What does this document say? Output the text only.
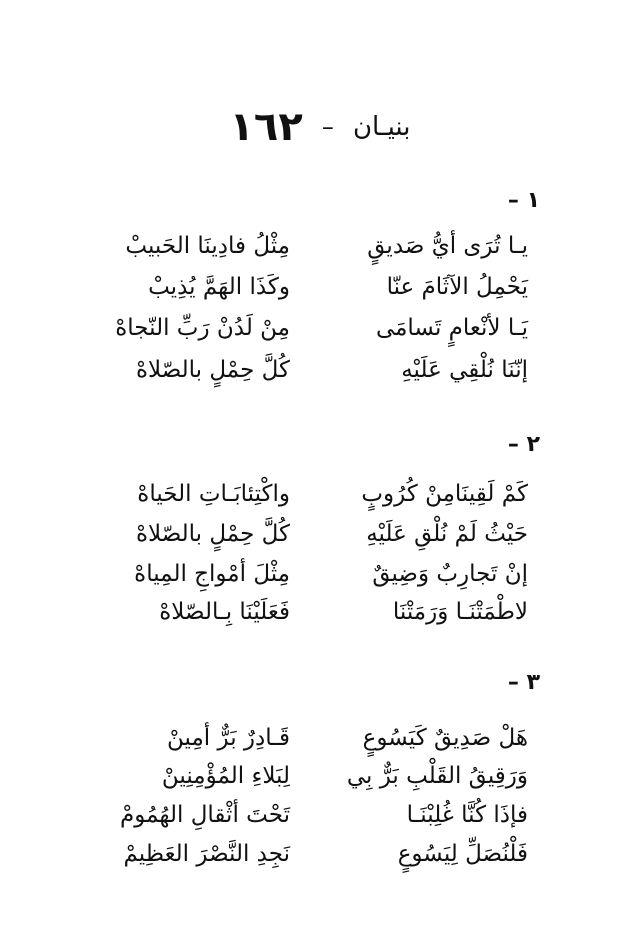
بنيـان – ١٦٢
١ –
يـا تُرَى أيُّ صَديقٍ
مِثْلُ فادِينَا الحَبيبْ
يَحْمِلُ الآثَامَ عنّا
وكَذَا الهَمَّ يُذِيبْ
يَـا لأنْعامٍ تَسامَى
مِنْ لَدُنْ رَبِّ النّجاهْ
إنّنَا نُلْقِي عَلَيْهِ
كُلَّ حِمْلٍ بالصّلاهْ
٢ –
كَمْ لَقِينَامِنْ كُرُوبٍ
واكْتِئابَـاتِ الحَياهْ
حَيْثُ لَمْ نُلْقِ عَلَيْهِ
كُلَّ حِمْلٍ بالصّلاهْ
إنْ تَجارِبٌ وَضِيقٌ
مِثْلَ أمْواجِ المِياهْ
لاطْمَتْنَـا وَرَمَتْنَا
فَعَلَيْنَا بِـالصّلاهْ
٣ –
هَلْ صَدِيقٌ كَيَسُوعٍ
قَـادِرٌ بَرٌّ أمِينْ
وَرَقِيقُ القَلْبِ بَرٌّ بِي
لِبَلاءِ المُؤْمِنِينْ
فإذَا كُنَّا غُلِبْنَـا
تَحْتَ أثْقالِ الهُمُومْ
فَلْنُصَلِّ لِيَسُوعٍ
نَجِدِ النَّصْرَ العَظِيمْ
